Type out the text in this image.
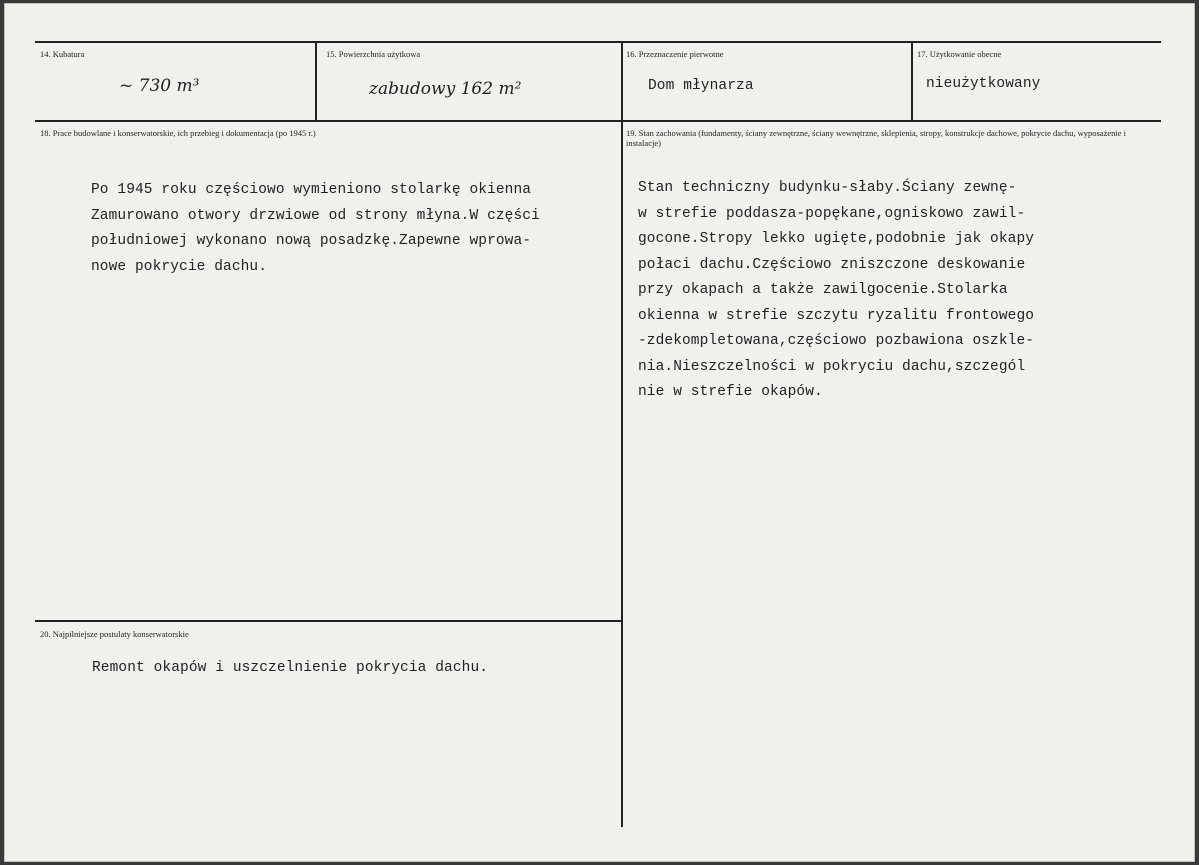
14. Kubatura
~ 730 m³
15. Powierzchnia użytkowa
zabudowy 162 m²
16. Przeznaczenie pierwotne
Dom młynarza
17. Użytkowanie obecne
nieużytkowany
18. Prace budowlane i konserwatorskie, ich przebieg i dokumentacja (po 1945 r.)

Po 1945 roku częściowo wymieniono stolarkę okienna

Zamurowano otwory drzwiowe od strony młyna.W części

południowej wykonano nową posadzkę.Zapewne wprowa-

nowe pokrycie dachu.

19. Stan zachowania (fundamenty, ściany zewnętrzne, ściany wewnętrzne, sklepienia, stropy, konstrukcje dachowe, pokrycie dachu, wyposażenie i instalacje)

Stan techniczny budynku-słaby.Ściany zewnę-

w strefie poddasza-popękane,ogniskowo zawil-

gocone.Stropy lekko ugięte,podobnie jak okapy

połaci dachu.Częściowo zniszczone deskowanie

przy okapach a także zawilgocenie.Stolarka

okienna w strefie szczytu ryzalitu frontowego

-zdekompletowana,częściowo pozbawiona oszkle-

nia.Nieszczelności w pokryciu dachu,szczegól

nie w strefie okapów.

20. Najpilniejsze postulaty konserwatorskie
Remont okapów i uszczelnienie pokrycia dachu.
